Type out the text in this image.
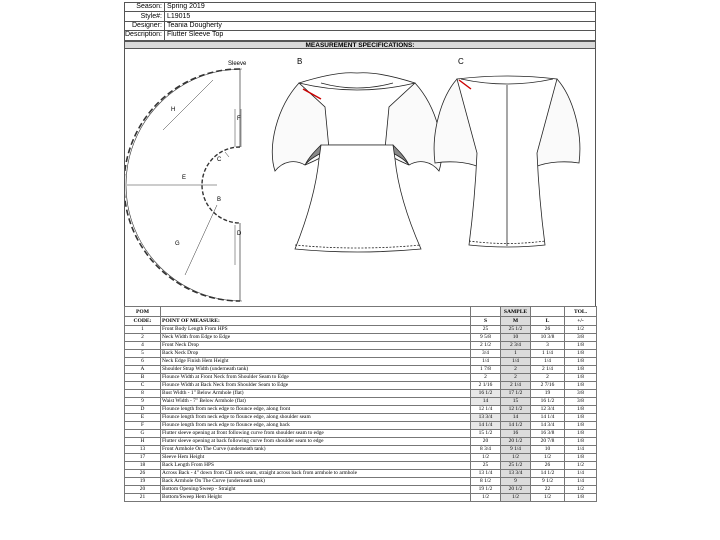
Season:	Spring 2019
Style#:	L19015
Designer:	Teania Dougherty
Description:	Flutter Sleeve Top
MEASUREMENT SPECIFICATIONS:
Sleeve
H
F
C
E
B
D
G
B	C
POM			SAMPLE		TOL.
CODE:	POINT OF MEASURE:	S	M	L	+/-
1	Front Body Length From HPS	25	25 1/2	26	1/2
2	Neck Width from Edge to Edge	9 5/8	10	10 3/8	3/8
4	Front Neck Drop	2 1/2	2 3/4	3	1/8
5	Back Neck Drop	3/4	1	1 1/4	1/8
6	Neck Edge Finish Hem Height	1/4	1/4	1/4	1/8
A	Shoulder Strap Width (underneath tank)	1 7/8	2	2 1/4	1/8
B	Flounce Width at Front Neck from Shoulder Seam to Edge	2	2	2	1/8
C	Flounce Width at Back Neck from Shoulder Seam to Edge	2 1/16	2 1/4	2 7/16	1/8
8	Bust Width - 1" Below Armhole (flat)	16 1/2	17 1/2	19	3/8
9	Waist Width - 7" Below Armhole (flat)	14	15	16 1/2	3/8
D	Flounce length from neck edge to flounce edge, along front	12 1/4	12 1/2	12 3/4	1/8
E	Flounce length from neck edge to flounce edge, along shoulder seam	13 3/4	14	14 1/4	1/8
F	Flounce length from neck edge to flounce edge, along back	14 1/4	14 1/2	14 3/4	1/8
G	Flutter sleeve opening at front following curve from shoulder seam to edge	15 1/2	16	16 3/8	1/8
H	Flutter sleeve opening at back following curve from shoulder seam to edge	20	20 1/2	20 7/8	1/8
13	Front Armhole On The Curve (underneath tank)	8 3/4	9 1/4	10	1/4
17	Sleeve Hem Height	1/2	1/2	1/2	1/8
18	Back Length From HPS	25	25 1/2	26	1/2
26	Across Back - 4" down from CB neck seam, straight across back from armhole to armhole	13 1/4	13 3/4	14 1/2	1/4
19	Back Armhole On The Curve (underneath tank)	8 1/2	9	9 1/2	1/4
20	Bottom Opening/Sweep - Straight	19 1/2	20 1/2	22	1/2
21	Bottom/Sweep Hem Height	1/2	1/2	1/2	1/8
